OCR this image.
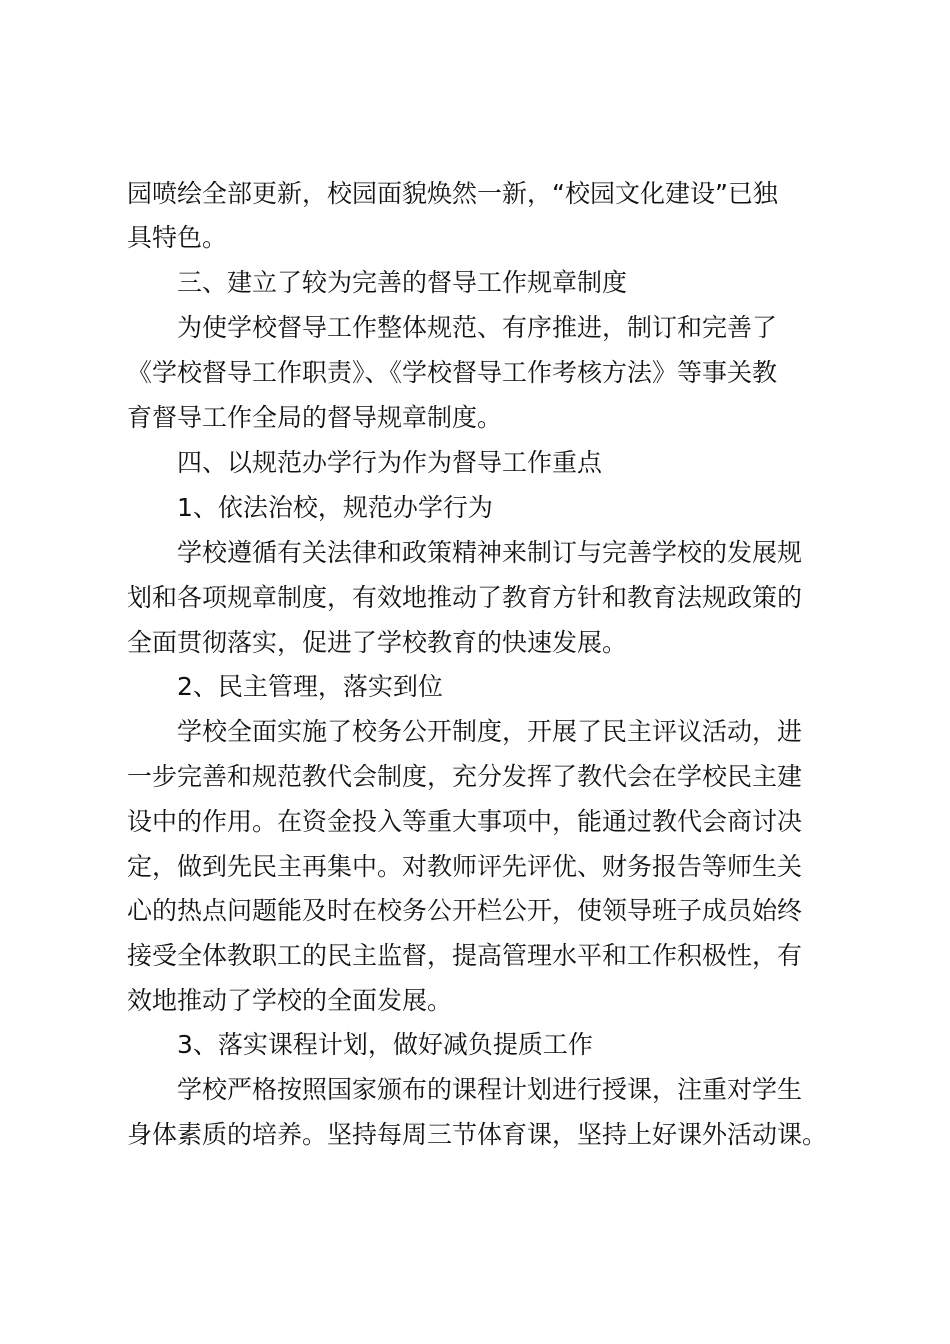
园喷绘全部更新，校园面貌焕然一新，“校园文化建设”已独
具特色。
三、建立了较为完善的督导工作规章制度
为使学校督导工作整体规范、有序推进，制订和完善了
《学校督导工作职责》、《学校督导工作考核方法》等事关教
育督导工作全局的督导规章制度。
四、以规范办学行为作为督导工作重点
1、依法治校，规范办学行为
学校遵循有关法律和政策精神来制订与完善学校的发展规
划和各项规章制度，有效地推动了教育方针和教育法规政策的
全面贯彻落实，促进了学校教育的快速发展。
2、民主管理，落实到位
学校全面实施了校务公开制度，开展了民主评议活动，进
一步完善和规范教代会制度，充分发挥了教代会在学校民主建
设中的作用。在资金投入等重大事项中，能通过教代会商讨决
定，做到先民主再集中。对教师评先评优、财务报告等师生关
心的热点问题能及时在校务公开栏公开，使领导班子成员始终
接受全体教职工的民主监督，提高管理水平和工作积极性，有
效地推动了学校的全面发展。
3、落实课程计划，做好减负提质工作
学校严格按照国家颁布的课程计划进行授课，注重对学生
身体素质的培养。坚持每周三节体育课，坚持上好课外活动课。
